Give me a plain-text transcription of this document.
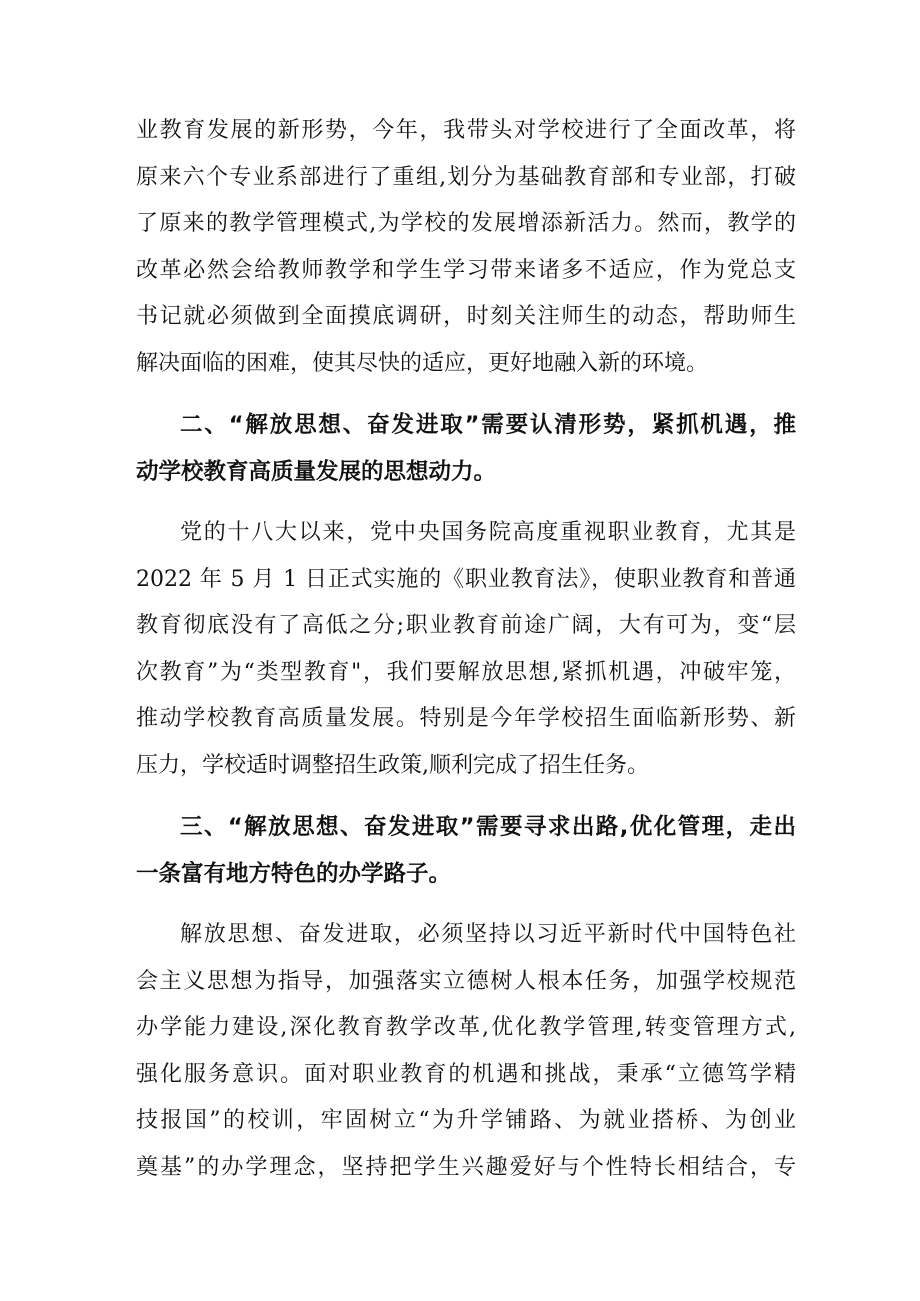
业教育发展的新形势，今年，我带头对学校进行了全面改革，将
原来六个专业系部进行了重组,划分为基础教育部和专业部，打破
了原来的教学管理模式,为学校的发展增添新活力。然而，教学的
改革必然会给教师教学和学生学习带来诸多不适应，作为党总支
书记就必须做到全面摸底调研，时刻关注师生的动态，帮助师生
解决面临的困难，使其尽快的适应，更好地融入新的环境。
二、“解放思想、奋发进取”需要认清形势，紧抓机遇，推
动学校教育高质量发展的思想动力。
党的十八大以来，党中央国务院高度重视职业教育，尤其是
2022 年 5 月 1 日正式实施的《职业教育法》，使职业教育和普通
教育彻底没有了高低之分;职业教育前途广阔，大有可为，变“层
次教育”为“类型教育"，我们要解放思想,紧抓机遇，冲破牢笼，
推动学校教育高质量发展。特别是今年学校招生面临新形势、新
压力，学校适时调整招生政策,顺利完成了招生任务。
三、“解放思想、奋发进取”需要寻求出路,优化管理，走出
一条富有地方特色的办学路子。
解放思想、奋发进取，必须坚持以习近平新时代中国特色社
会主义思想为指导，加强落实立德树人根本任务，加强学校规范
办学能力建设,深化教育教学改革,优化教学管理,转变管理方式,
强化服务意识。面对职业教育的机遇和挑战，秉承“立德笃学精
技报国”的校训，牢固树立“为升学铺路、为就业搭桥、为创业
奠基”的办学理念，坚持把学生兴趣爱好与个性特长相结合，专
